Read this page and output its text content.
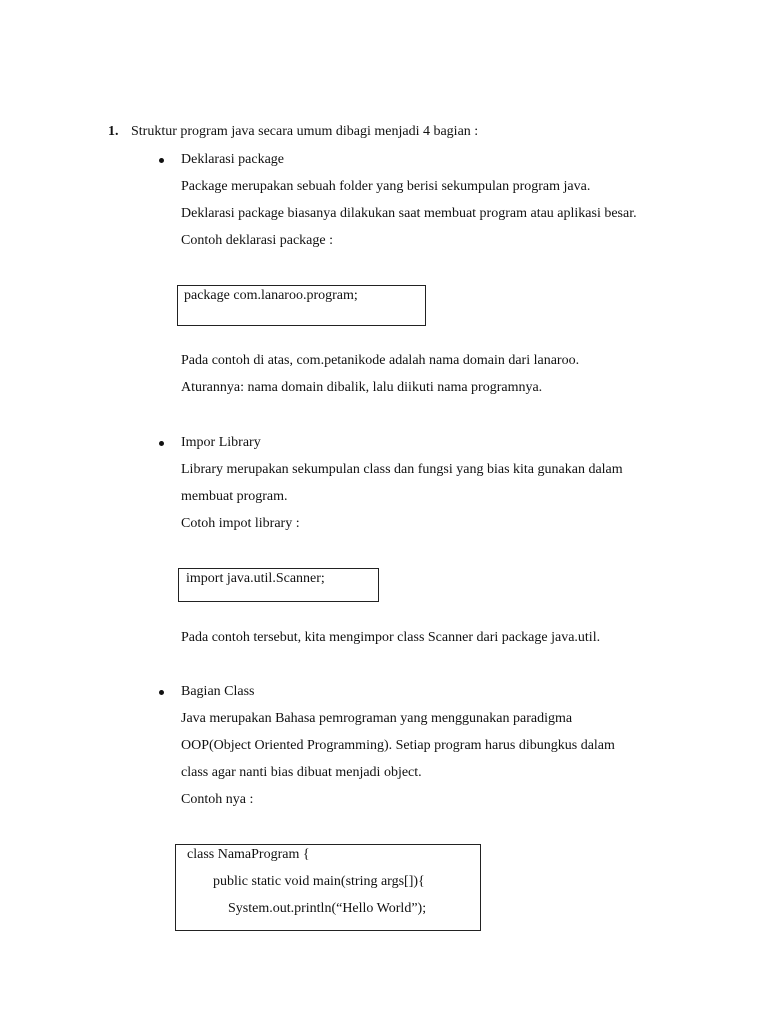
1. Struktur program java secara umum dibagi menjadi 4 bagian :
Deklarasi package
Package merupakan sebuah folder yang berisi sekumpulan program java.
Deklarasi package biasanya dilakukan saat membuat program atau aplikasi besar.
Contoh deklarasi package :
package com.lanaroo.program;
Pada contoh di atas, com.petanikode adalah nama domain dari lanaroo.
Aturannya: nama domain dibalik, lalu diikuti nama programnya.
Impor Library
Library merupakan sekumpulan class dan fungsi yang bias kita gunakan dalam
membuat program.
Cotoh impot library :
import java.util.Scanner;
Pada contoh tersebut, kita mengimpor class Scanner dari package java.util.
Bagian Class
Java merupakan Bahasa pemrograman yang menggunakan paradigma
OOP(Object Oriented Programming). Setiap program harus dibungkus dalam
class agar nanti bias dibuat menjadi object.
Contoh nya :
class NamaProgram {
public static void main(string args[]){
System.out.println(“Hello World”);
